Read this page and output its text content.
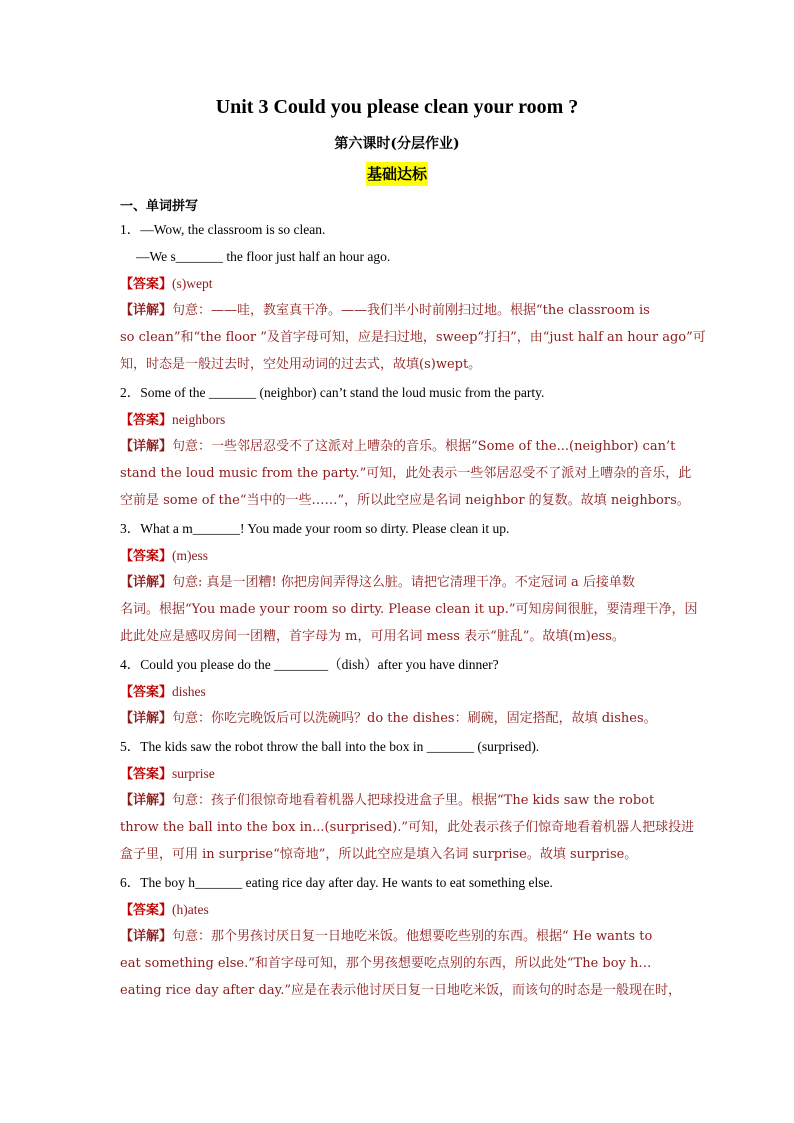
Unit 3 Could you please clean your room ?
第六课时(分层作业)
基础达标
一、单词拼写
1．—Wow, the classroom is so clean.
—We s_______ the floor just half an hour ago.
【答案】(s)wept
【详解】句意：——哇，教室真干净。——我们半小时前刚扫过地。根据“the classroom is
so clean”和“the floor ”及首字母可知，应是扫过地，sweep“打扫”，由“just half an hour ago”可
知，时态是一般过去时，空处用动词的过去式，故填(s)wept。
2．Some of the _______ (neighbor) can’t stand the loud music from the party.
【答案】neighbors
【详解】句意：一些邻居忍受不了这派对上嘈杂的音乐。根据“Some of the...(neighbor) can’t
stand the loud music from the party.”可知，此处表示一些邻居忍受不了派对上嘈杂的音乐，此
空前是 some of the“当中的一些……”，所以此空应是名词 neighbor 的复数。故填 neighbors。
3．What a m_______! You made your room so dirty. Please clean it up.
【答案】(m)ess
【详解】句意: 真是一团糟! 你把房间弄得这么脏。请把它清理干净。不定冠词 a 后接单数
名词。根据“You made your room so dirty. Please clean it up.”可知房间很脏，要清理干净，因
此此处应是感叹房间一团糟，首字母为 m，可用名词 mess 表示“脏乱”。故填(m)ess。
4．Could you please do the ________（dish）after you have dinner?
【答案】dishes
【详解】句意：你吃完晚饭后可以洗碗吗？do the dishes：刷碗，固定搭配，故填 dishes。
5．The kids saw the robot throw the ball into the box in _______ (surprised).
【答案】surprise
【详解】句意：孩子们很惊奇地看着机器人把球投进盒子里。根据“The kids saw the robot
throw the ball into the box in...(surprised).”可知，此处表示孩子们惊奇地看着机器人把球投进
盒子里，可用 in surprise“惊奇地”，所以此空应是填入名词 surprise。故填 surprise。
6．The boy h_______ eating rice day after day. He wants to eat something else.
【答案】(h)ates
【详解】句意：那个男孩讨厌日复一日地吃米饭。他想要吃些别的东西。根据“ He wants to
eat something else.”和首字母可知，那个男孩想要吃点别的东西，所以此处“The boy h…
eating rice day after day.”应是在表示他讨厌日复一日地吃米饭，而该句的时态是一般现在时，
